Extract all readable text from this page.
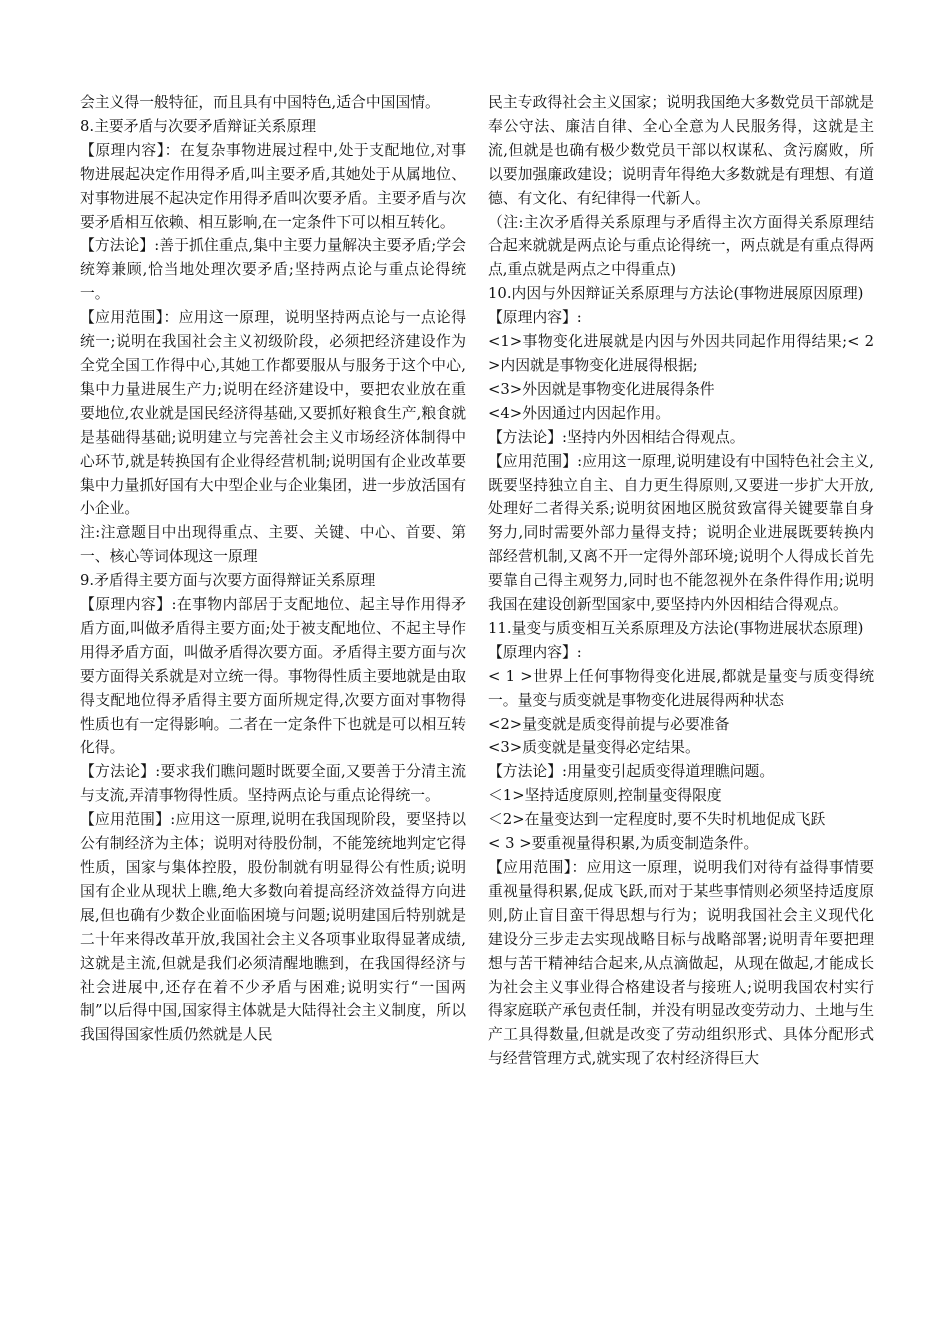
会主义得一般特征，而且具有中国特色,适合中国国情。

8.主要矛盾与次要矛盾辩证关系原理

【原理内容】：在复杂事物进展过程中,处于支配地位,对事物进展起决定作用得矛盾,叫主要矛盾,其她处于从属地位、对事物进展不起决定作用得矛盾叫次要矛盾。主要矛盾与次要矛盾相互依赖、相互影响,在一定条件下可以相互转化。

【方法论】:善于抓住重点,集中主要力量解决主要矛盾;学会统筹兼顾,恰当地处理次要矛盾;坚持两点论与重点论得统一。

【应用范围】：应用这一原理，说明坚持两点论与一点论得统一;说明在我国社会主义初级阶段，必须把经济建设作为全党全国工作得中心,其她工作都要服从与服务于这个中心,集中力量进展生产力;说明在经济建设中，要把农业放在重要地位,农业就是国民经济得基础,又要抓好粮食生产,粮食就是基础得基础;说明建立与完善社会主义市场经济体制得中心环节,就是转换国有企业得经营机制;说明国有企业改革要集中力量抓好国有大中型企业与企业集团，进一步放活国有小企业。

注:注意题目中出现得重点、主要、关键、中心、首要、第一、核心等词体现这一原理

9.矛盾得主要方面与次要方面得辩证关系原理

【原理内容】:在事物内部居于支配地位、起主导作用得矛盾方面,叫做矛盾得主要方面;处于被支配地位、不起主导作用得矛盾方面，叫做矛盾得次要方面。矛盾得主要方面与次要方面得关系就是对立统一得。事物得性质主要地就是由取得支配地位得矛盾得主要方面所规定得,次要方面对事物得性质也有一定得影响。二者在一定条件下也就是可以相互转化得。

【方法论】:要求我们瞧问题时既要全面,又要善于分清主流与支流,弄清事物得性质。坚持两点论与重点论得统一。

【应用范围】:应用这一原理,说明在我国现阶段，要坚持以公有制经济为主体；说明对待股份制，不能笼统地判定它得性质，国家与集体控股，股份制就有明显得公有性质;说明国有企业从现状上瞧,绝大多数向着提高经济效益得方向进展,但也确有少数企业面临困境与问题;说明建国后特别就是二十年来得改革开放,我国社会主义各项事业取得显著成绩,这就是主流,但就是我们必须清醒地瞧到，在我国得经济与社会进展中,还存在着不少矛盾与困难;说明实行“一国两制”以后得中国,国家得主体就是大陆得社会主义制度，所以我国得国家性质仍然就是人民

民主专政得社会主义国家；说明我国绝大多数党员干部就是奉公守法、廉洁自律、全心全意为人民服务得，这就是主流,但就是也确有极少数党员干部以权谋私、贪污腐败，所以要加强廉政建设；说明青年得绝大多数就是有理想、有道德、有文化、有纪律得一代新人。

（注:主次矛盾得关系原理与矛盾得主次方面得关系原理结合起来就就是两点论与重点论得统一，两点就是有重点得两点,重点就是两点之中得重点)

10.内因与外因辩证关系原理与方法论(事物进展原因原理)

【原理内容】:

<1>事物变化进展就是内因与外因共同起作用得结果;< 2 >内因就是事物变化进展得根据;

<3>外因就是事物变化进展得条件

<4>外因通过内因起作用。

【方法论】:坚持内外因相结合得观点。

【应用范围】:应用这一原理,说明建设有中国特色社会主义,既要坚持独立自主、自力更生得原则,又要进一步扩大开放,处理好二者得关系;说明贫困地区脱贫致富得关键要靠自身努力,同时需要外部力量得支持；说明企业进展既要转换内部经营机制,又离不开一定得外部环境;说明个人得成长首先要靠自己得主观努力,同时也不能忽视外在条件得作用;说明我国在建设创新型国家中,要坚持内外因相结合得观点。

11.量变与质变相互关系原理及方法论(事物进展状态原理)

【原理内容】:

< 1 >世界上任何事物得变化进展,都就是量变与质变得统一。量变与质变就是事物变化进展得两种状态

<2>量变就是质变得前提与必要准备

<3>质变就是量变得必定结果。

【方法论】:用量变引起质变得道理瞧问题。

＜1>坚持适度原则,控制量变得限度

＜2>在量变达到一定程度时,要不失时机地促成飞跃

< 3 >要重视量得积累,为质变制造条件。

【应用范围】：应用这一原理，说明我们对待有益得事情要重视量得积累,促成飞跃,而对于某些事情则必须坚持适度原则,防止盲目蛮干得思想与行为；说明我国社会主义现代化建设分三步走去实现战略目标与战略部署;说明青年要把理想与苦干精神结合起来,从点滴做起，从现在做起,才能成长为社会主义事业得合格建设者与接班人;说明我国农村实行得家庭联产承包责任制，并没有明显改变劳动力、土地与生产工具得数量,但就是改变了劳动组织形式、具体分配形式与经营管理方式,就实现了农村经济得巨大
